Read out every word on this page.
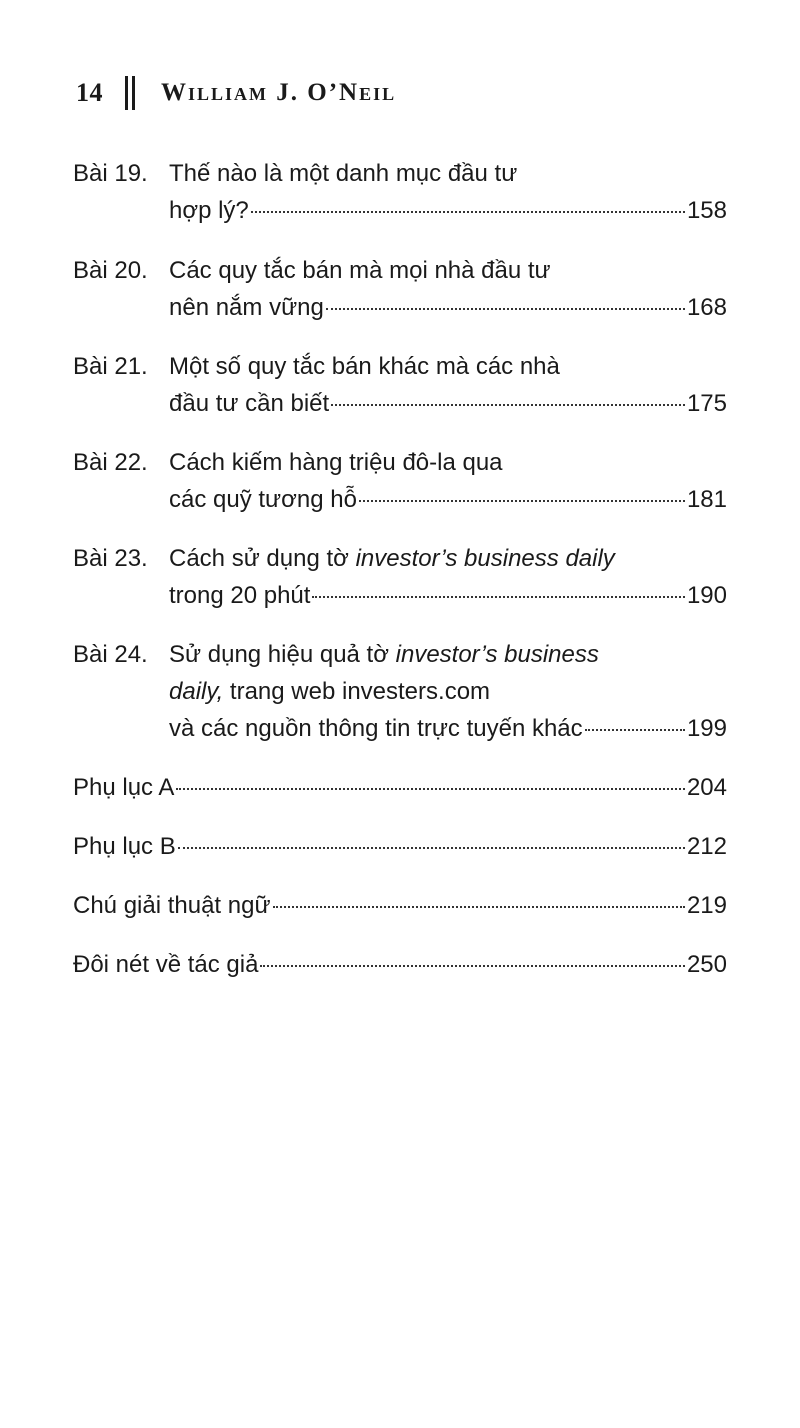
14 William J. O’Neil
Bài 19. Thế nào là một danh mục đầu tư
hợp lý?	158
Bài 20. Các quy tắc bán mà mọi nhà đầu tư
nên nắm vững	168
Bài 21. Một số quy tắc bán khác mà các nhà
đầu tư cần biết	175
Bài 22. Cách kiếm hàng triệu đô-la qua
các quỹ tương hỗ	181
Bài 23. Cách sử dụng tờ investor’s business daily
trong 20 phút	190
Bài 24. Sử dụng hiệu quả tờ investor’s business
daily, trang web investers.com
và các nguồn thông tin trực tuyến khác	199
Phụ lục A	204
Phụ lục B	212
Chú giải thuật ngữ	219
Đôi nét về tác giả	250
